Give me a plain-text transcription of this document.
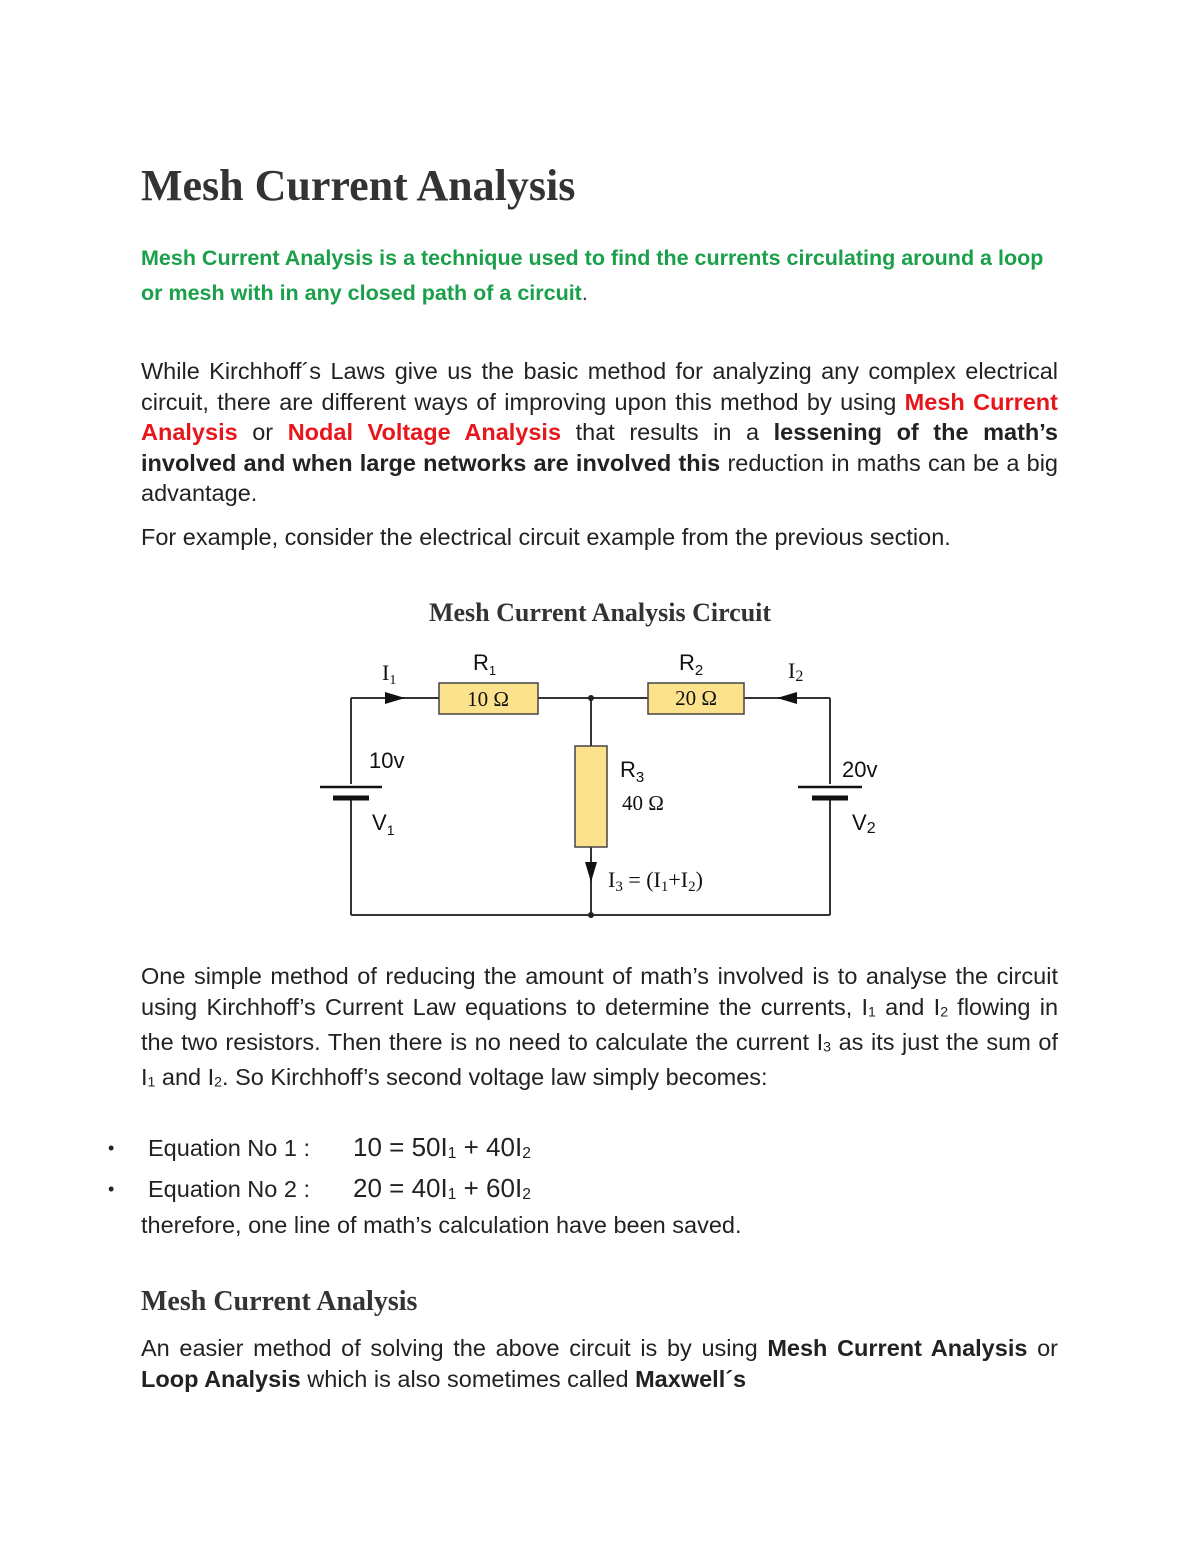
Mesh Current Analysis

Mesh Current Analysis is a technique used to find the currents circulating around a loop or mesh with in any closed path of a circuit.

While Kirchhoff´s Laws give us the basic method for analyzing any complex electrical circuit, there are different ways of improving upon this method by using Mesh Current Analysis or Nodal Voltage Analysis that results in a lessening of the math’s involved and when large networks are involved this reduction in maths can be a big advantage.

For example, consider the electrical circuit example from the previous section.

Mesh Current Analysis Circuit
I1	I2
$R_1$	$R_2$
$R_3$
10 Ω	20 Ω
40 Ω
10v
$V_1$
20v
V2
I3 = (I1+I2)

One simple method of reducing the amount of math’s involved is to analyse the circuit using Kirchhoff’s Current Law equations to determine the currents, I1 and I2 flowing in the two resistors. Then there is no need to calculate the current I3 as its just the sum of I1 and I2. So Kirchhoff’s second voltage law simply becomes:

• Equation No 1 : 10 = 50I1 + 40I2
• Equation No 2 : 20 = 40I1 + 60I2

therefore, one line of math’s calculation have been saved.

Mesh Current Analysis

An easier method of solving the above circuit is by using Mesh Current Analysis or Loop Analysis which is also sometimes called Maxwell´s
